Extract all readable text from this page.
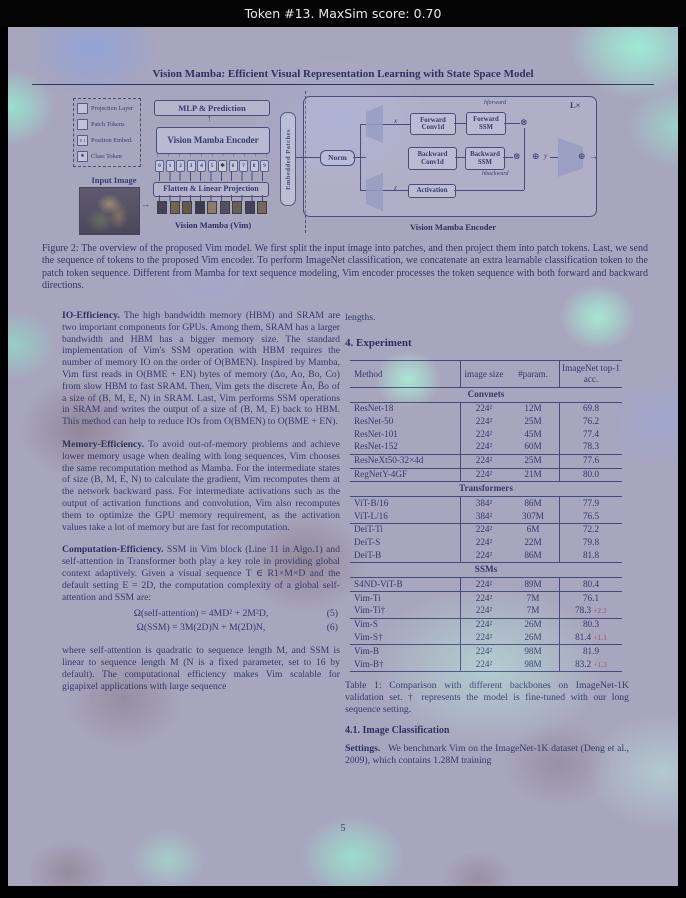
Token #13. MaxSim score: 0.70
Vision Mamba: Efficient Visual Representation Learning with State Space Model
Projection Layer
Patch Tokens
0 1 Position Embed.
✱	Class Token
MLP & Prediction
↑
Vision Mamba Encoder
↑ ↑ ↑ ↑ ↑ ↑ ↑ ↑ ↑ ↑ ↑
0	1	2	3	4	5	✱	6	7	8	9
Flatten & Linear Projection
Input Image
→
Vision Mamba (Vim)
Embedded Patches
L×
Norm
x
z
Forward Conv1d
Forward SSM
hforward
Backward Conv1d
Backward SSM
hbackward
Activation
⊗
⊗ ⊕ y	⊕ →
Vision Mamba Encoder
Figure 2: The overview of the proposed Vim model. We first split the input image into patches, and then project them into patch tokens. Last, we send the sequence of tokens to the proposed Vim encoder. To perform ImageNet classification, we concatenate an extra learnable classification token to the patch token sequence. Different from Mamba for text sequence modeling, Vim encoder processes the token sequence with both forward and backward directions.

IO-Efficiency. The high bandwidth memory (HBM) and SRAM are two important components for GPUs. Among them, SRAM has a larger bandwidth and HBM has a bigger memory size. The standard implementation of Vim's SSM operation with HBM requires the number of memory IO on the order of O(BMEN). Inspired by Mamba, Vim first reads in O(BME + EN) bytes of memory (Δo, Ao, Bo, Co) from slow HBM to fast SRAM. Then, Vim gets the discrete Āo, B̄o of a size of (B, M, E, N) in SRAM. Last, Vim performs SSM operations in SRAM and writes the output of a size of (B, M, E) back to HBM. This method can help to reduce IOs from O(BMEN) to O(BME + EN).

Memory-Efficiency. To avoid out-of-memory problems and achieve lower memory usage when dealing with long sequences, Vim chooses the same recomputation method as Mamba. For the intermediate states of size (B, M, E, N) to calculate the gradient, Vim recomputes them at the network backward pass. For intermediate activations such as the output of activation functions and convolution, Vim also recomputes them to optimize the GPU memory requirement, as the activation values take a lot of memory but are fast for recomputation.

Computation-Efficiency. SSM in Vim block (Line 11 in Algo.1) and self-attention in Transformer both play a key role in providing global context adaptively. Given a visual sequence T ∈ R1×M×D and the default setting E = 2D, the computation complexity of a global self-attention and SSM are:

Ω(self-attention) = 4MD² + 2M²D,	(5)
Ω(SSM) = 3M(2D)N + M(2D)N,	(6)

where self-attention is quadratic to sequence length M, and SSM is linear to sequence length M (N is a fixed parameter, set to 16 by default). The computational efficiency makes Vim scalable for gigapixel applications with large sequence

lengths.

4. Experiment
Method	image size	#param.
ImageNet top-1 acc.
Convnets
ResNet-18	224²	12M	69.8
ResNet-50	224²	25M	76.2
ResNet-101	224²	45M	77.4
ResNet-152	224²	60M	78.3
ResNeXt50-32×4d	224²	25M	77.6
RegNetY-4GF	224²	21M	80.0
Transformers
ViT-B/16	384²	86M	77.9
ViT-L/16	384²	307M	76.5
DeiT-Ti	224²	6M	72.2
DeiT-S	224²	22M	79.8
DeiT-B	224²	86M	81.8
SSMs
S4ND-ViT-B	224²	89M	80.4
Vim-Ti	224²	7M	76.1
Vim-Ti†	224²	7M	78.3 +2.2
Vim-S	224²	26M	80.3
Vim-S†	224²	26M	81.4 +1.1
Vim-B	224²	98M	81.9
Vim-B†	224²	98M	83.2 +1.3
Table 1: Comparison with different backbones on ImageNet-1K validation set. † represents the model is fine-tuned with our long sequence setting.
4.1. Image Classification

Settings. We benchmark Vim on the ImageNet-1K dataset (Deng et al., 2009), which contains 1.28M training

5
